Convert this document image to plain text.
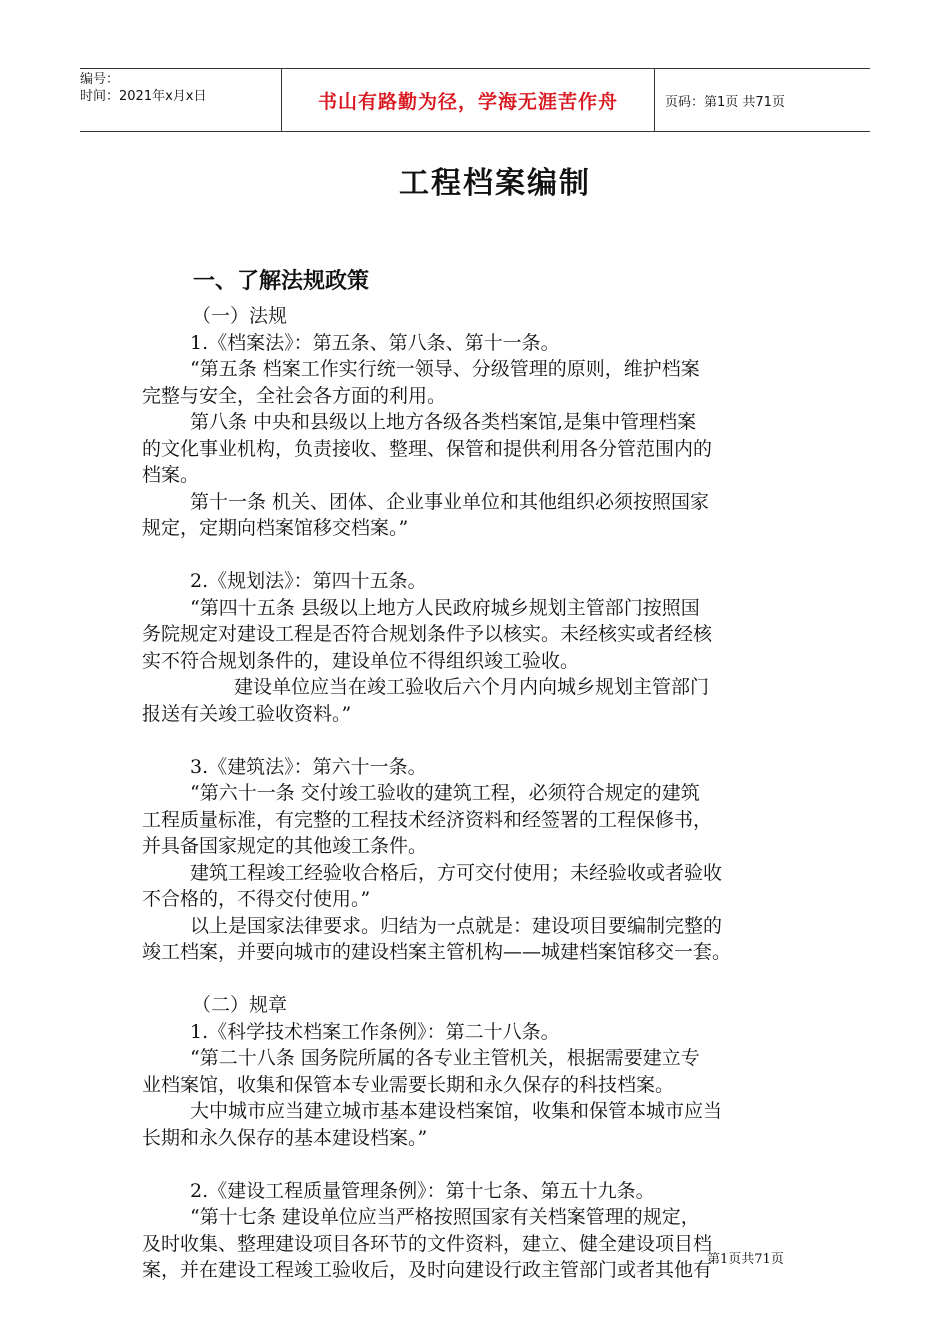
编号：
时间：2021年x月x日	书山有路勤为径，学海无涯苦作舟	页码：第1页 共71页
工程档案编制
一、了解法规政策
（一）法规
1.《档案法》：第五条、第八条、第十一条。
“第五条 档案工作实行统一领导、分级管理的原则，维护档案
完整与安全，全社会各方面的利用。
第八条 中央和县级以上地方各级各类档案馆,是集中管理档案
的文化事业机构，负责接收、整理、保管和提供利用各分管范围内的
档案。
第十一条 机关、团体、企业事业单位和其他组织必须按照国家
规定，定期向档案馆移交档案。”
2.《规划法》：第四十五条。
“第四十五条 县级以上地方人民政府城乡规划主管部门按照国
务院规定对建设工程是否符合规划条件予以核实。未经核实或者经核
实不符合规划条件的，建设单位不得组织竣工验收。
建设单位应当在竣工验收后六个月内向城乡规划主管部门
报送有关竣工验收资料。”
3.《建筑法》：第六十一条。
“第六十一条 交付竣工验收的建筑工程，必须符合规定的建筑
工程质量标准，有完整的工程技术经济资料和经签署的工程保修书，
并具备国家规定的其他竣工条件。
建筑工程竣工经验收合格后，方可交付使用；未经验收或者验收
不合格的，不得交付使用。”
以上是国家法律要求。归结为一点就是：建设项目要编制完整的
竣工档案，并要向城市的建设档案主管机构——城建档案馆移交一套。
（二）规章
1.《科学技术档案工作条例》：第二十八条。
“第二十八条 国务院所属的各专业主管机关，根据需要建立专
业档案馆，收集和保管本专业需要长期和永久保存的科技档案。
大中城市应当建立城市基本建设档案馆，收集和保管本城市应当
长期和永久保存的基本建设档案。”
2.《建设工程质量管理条例》：第十七条、第五十九条。
“第十七条 建设单位应当严格按照国家有关档案管理的规定，
及时收集、整理建设项目各环节的文件资料，建立、健全建设项目档
案，并在建设工程竣工验收后，及时向建设行政主管部门或者其他有
第1页共71页
